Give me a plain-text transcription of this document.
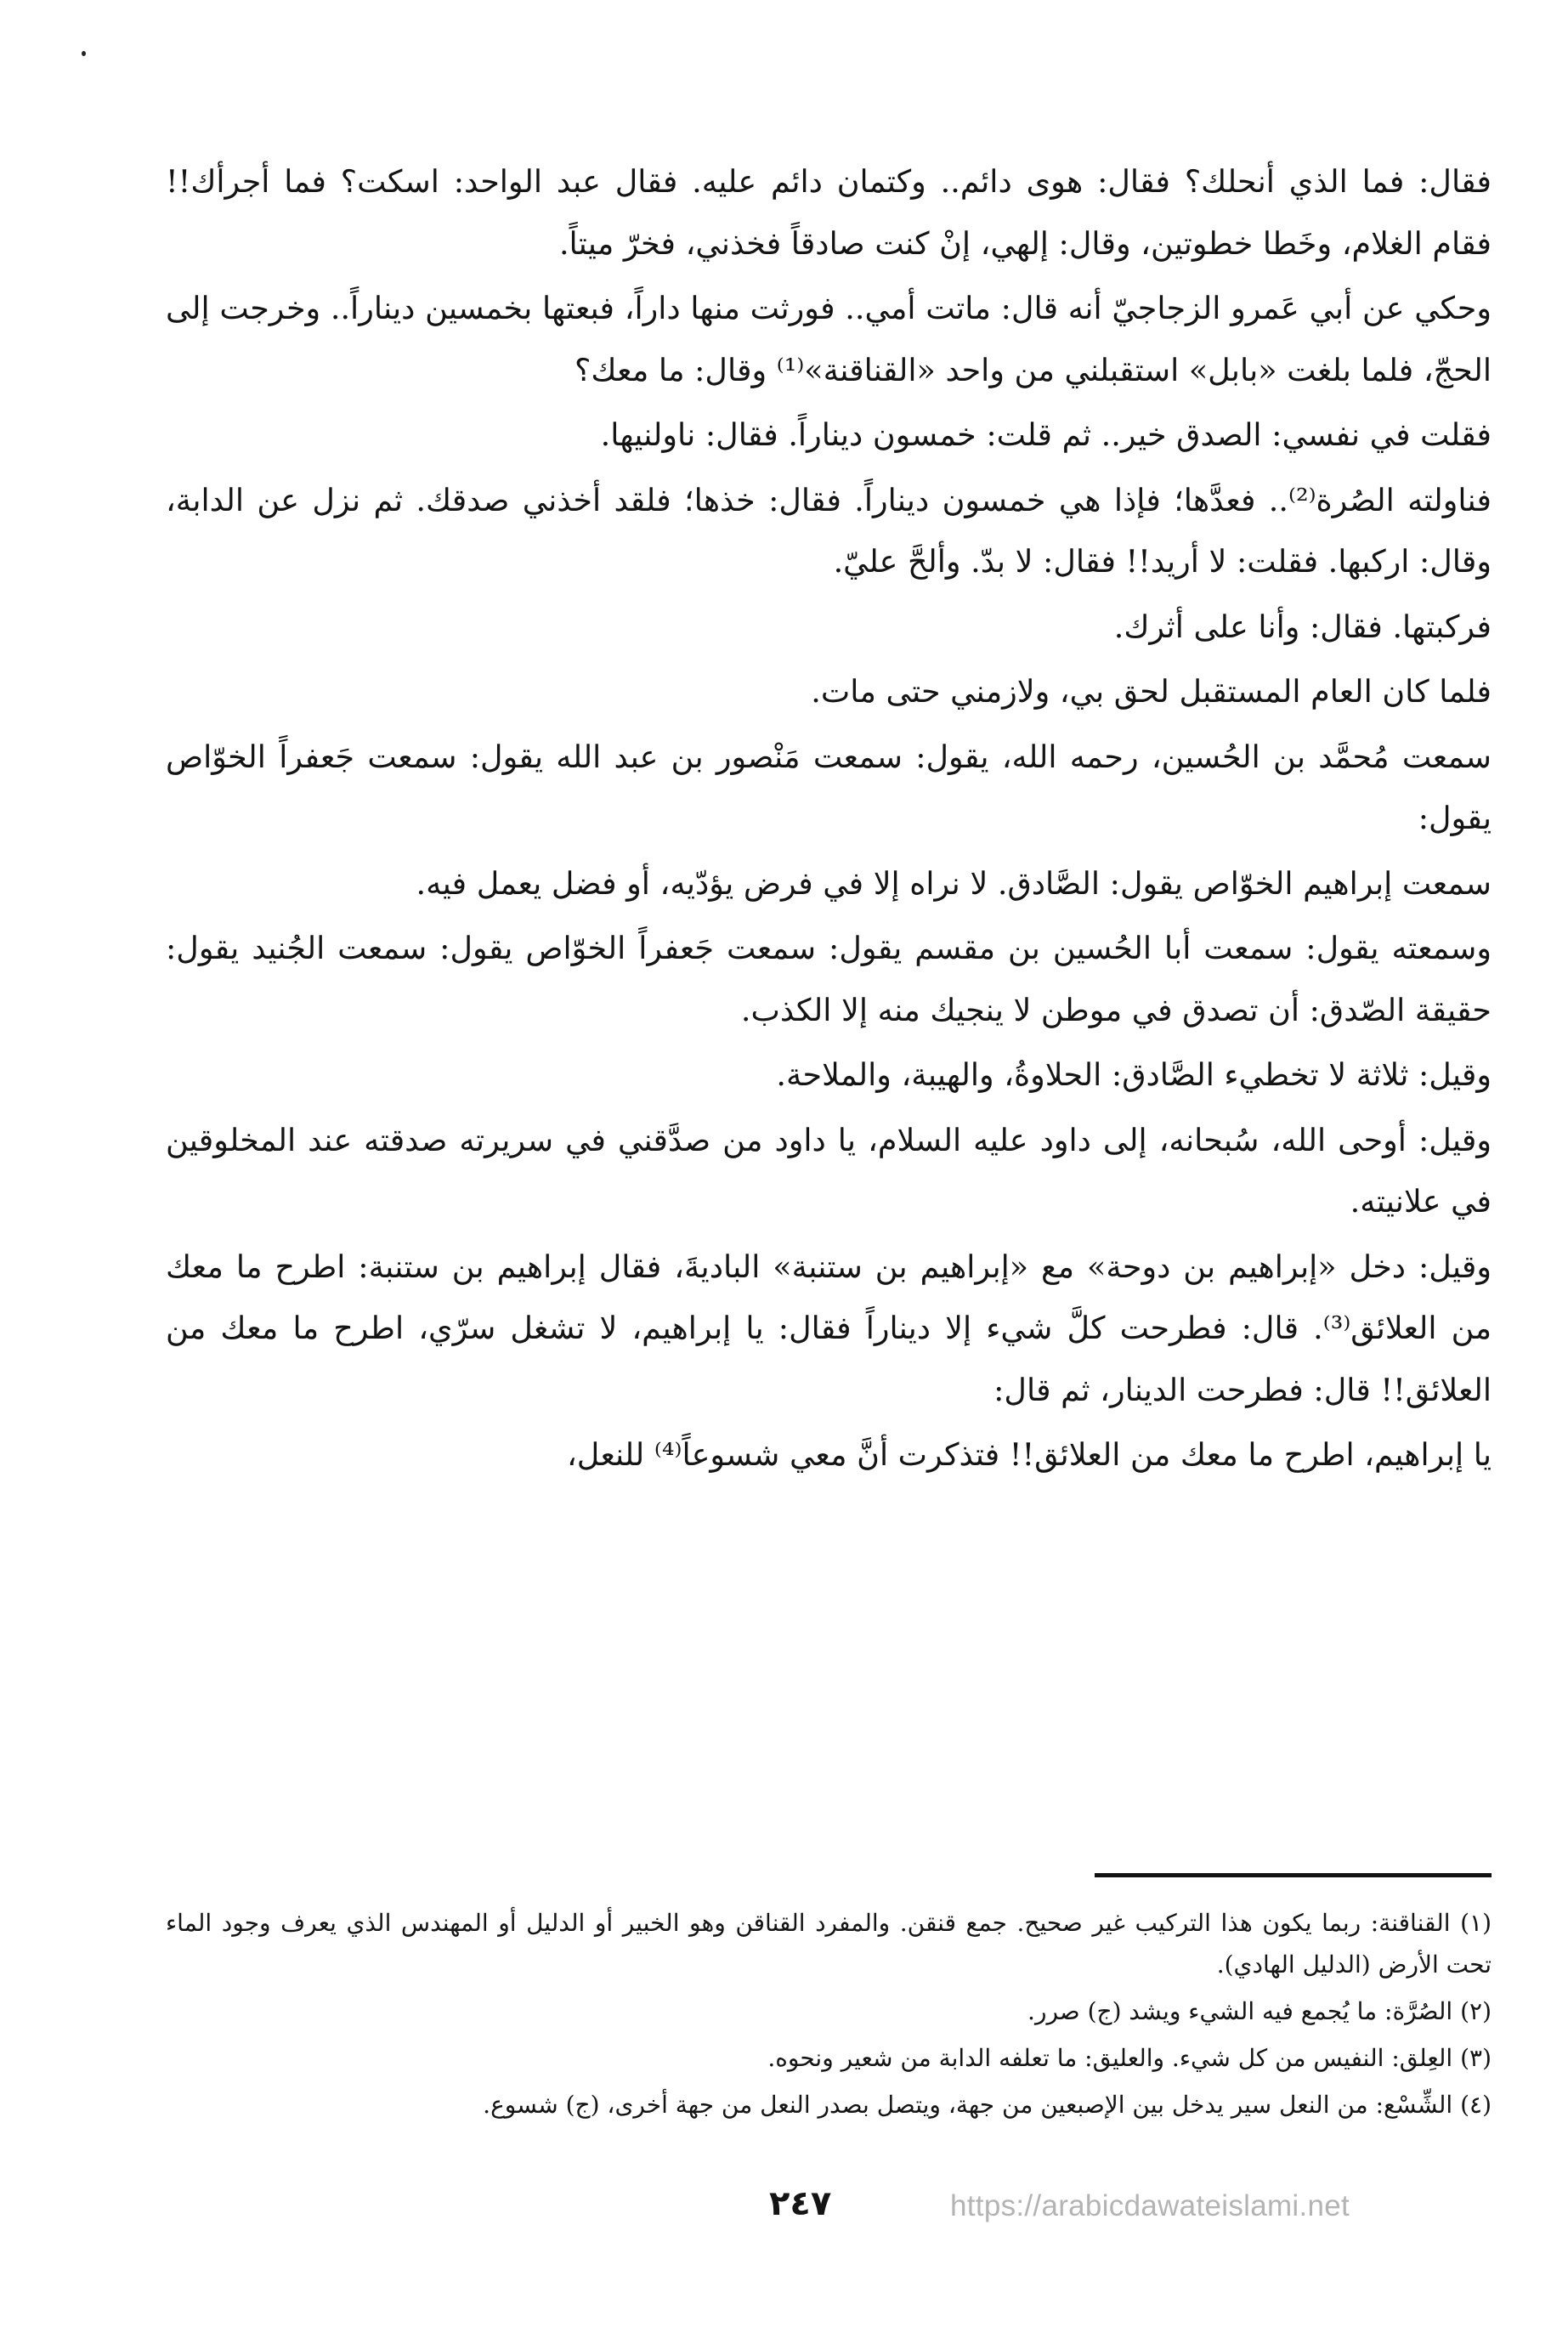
فقال: فما الذي أنحلك؟ فقال: هوى دائم.. وكتمان دائم عليه. فقال عبد الواحد: اسكت؟ فما أجرأك!! فقام الغلام، وخَطا خطوتين، وقال: إلهي، إنْ كنت صادقاً فخذني، فخرّ ميتاً.

وحكي عن أبي عَمرو الزجاجيّ أنه قال: ماتت أمي.. فورثت منها داراً، فبعتها بخمسين ديناراً.. وخرجت إلى الحجّ، فلما بلغت «بابل» استقبلني من واحد «القناقنة»⁽¹⁾ وقال: ما معك؟

فقلت في نفسي: الصدق خير.. ثم قلت: خمسون ديناراً. فقال: ناولنيها.

فناولته الصُرة⁽²⁾.. فعدَّها؛ فإذا هي خمسون ديناراً. فقال: خذها؛ فلقد أخذني صدقك. ثم نزل عن الدابة، وقال: اركبها. فقلت: لا أريد!! فقال: لا بدّ. وألحَّ عليّ.

فركبتها. فقال: وأنا على أثرك.

فلما كان العام المستقبل لحق بي، ولازمني حتى مات.

سمعت مُحمَّد بن الحُسين، رحمه الله، يقول: سمعت مَنْصور بن عبد الله يقول: سمعت جَعفراً الخوّاص يقول:

سمعت إبراهيم الخوّاص يقول: الصَّادق. لا نراه إلا في فرض يؤدّيه، أو فضل يعمل فيه.

وسمعته يقول: سمعت أبا الحُسين بن مقسم يقول: سمعت جَعفراً الخوّاص يقول: سمعت الجُنيد يقول: حقيقة الصّدق: أن تصدق في موطن لا ينجيك منه إلا الكذب.

وقيل: ثلاثة لا تخطيء الصَّادق: الحلاوةُ، والهيبة، والملاحة.

وقيل: أوحى الله، سُبحانه، إلى داود عليه السلام، يا داود من صدَّقني في سريرته صدقته عند المخلوقين في علانيته.

وقيل: دخل «إبراهيم بن دوحة» مع «إبراهيم بن ستنبة» الباديةَ، فقال إبراهيم بن ستنبة: اطرح ما معك من العلائق⁽³⁾. قال: فطرحت كلَّ شيء إلا ديناراً فقال: يا إبراهيم، لا تشغل سرّي، اطرح ما معك من العلائق!! قال: فطرحت الدينار، ثم قال:

يا إبراهيم، اطرح ما معك من العلائق!! فتذكرت أنَّ معي شسوعاً⁽⁴⁾ للنعل،

(١) القناقنة: ربما يكون هذا التركيب غير صحيح. جمع قنقن. والمفرد القناقن وهو الخبير أو الدليل أو المهندس الذي يعرف وجود الماء تحت الأرض (الدليل الهادي).

(٢) الصُرَّة: ما يُجمع فيه الشيء ويشد (ج) صرر.

(٣) العِلق: النفيس من كل شيء. والعليق: ما تعلفه الدابة من شعير ونحوه.

(٤) الشِّسْع: من النعل سير يدخل بين الإصبعين من جهة، ويتصل بصدر النعل من جهة أخرى، (ج) شسوع.

٢٤٧	https://arabicdawateislami.net
